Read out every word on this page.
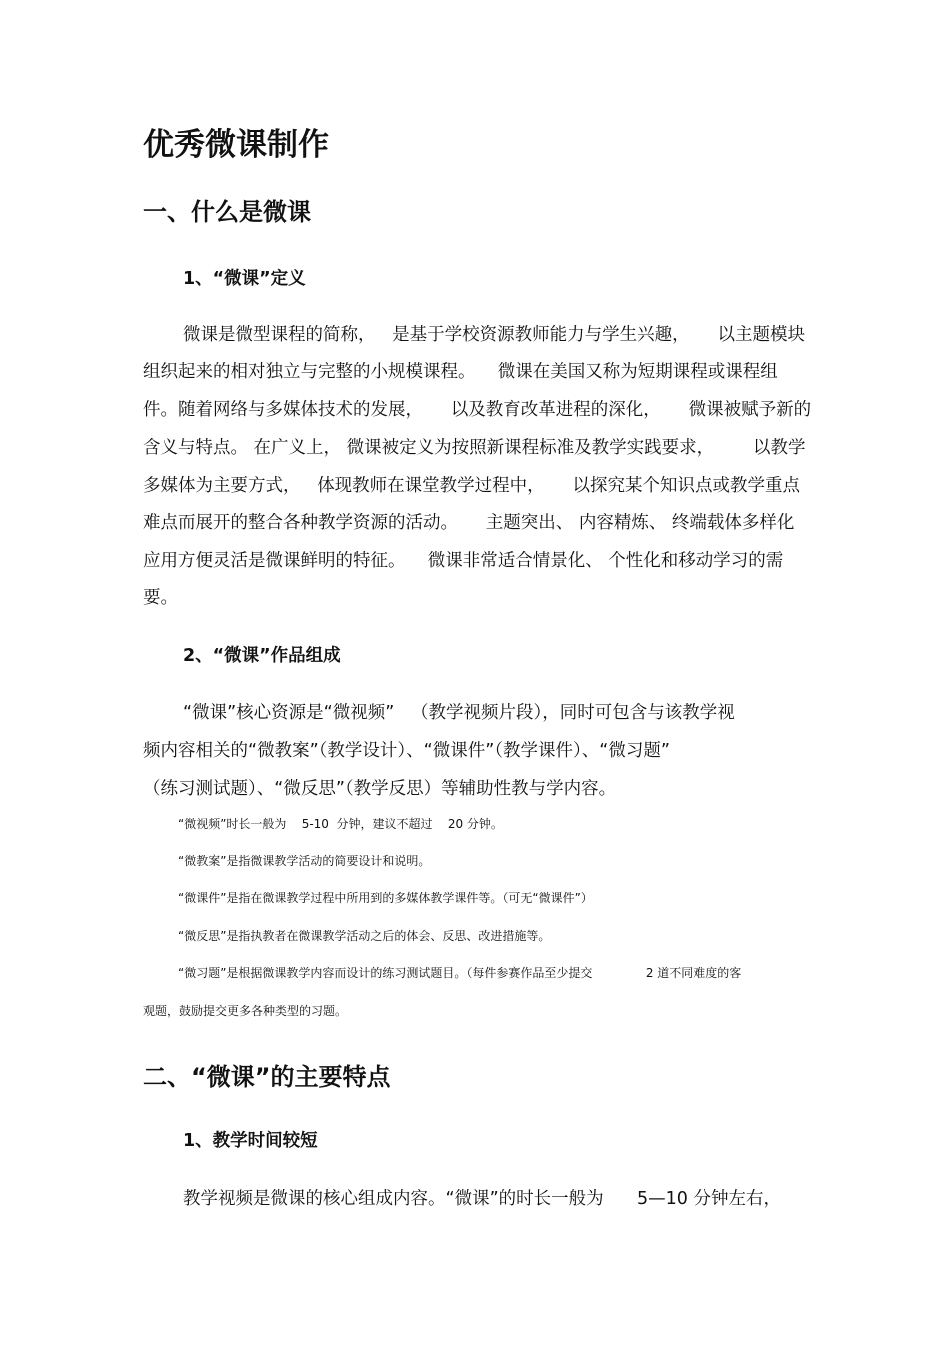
优秀微课制作
一、什么是微课
1、“微课”定义

微课是微型课程的简称，   是基于学校资源教师能力与学生兴趣，     以主题模块

组织起来的相对独立与完整的小规模课程。    微课在美国又称为短期课程或课程组

件。随着网络与多媒体技术的发展，     以及教育改革进程的深化，     微课被赋予新的

含义与特点。 在广义上， 微课被定义为按照新课程标准及教学实践要求，       以教学

多媒体为主要方式，   体现教师在课堂教学过程中，     以探究某个知识点或教学重点

难点而展开的整合各种教学资源的活动。     主题突出、 内容精炼、 终端载体多样化

应用方便灵活是微课鲜明的特征。    微课非常适合情景化、 个性化和移动学习的需

要。

2、“微课”作品组成

“微课”核心资源是“微视频”   （教学视频片段），同时可包含与该教学视

频内容相关的“微教案”（教学设计）、“微课件”（教学课件）、“微习题”

（练习测试题）、“微反思”（教学反思）等辅助性教与学内容。

“微视频”时长一般为    5-10  分钟，建议不超过    20 分钟。

“微教案”是指微课教学活动的简要设计和说明。

“微课件”是指在微课教学过程中所用到的多媒体教学课件等。（可无“微课件”）

“微反思”是指执教者在微课教学活动之后的体会、反思、改进措施等。

“微习题”是根据微课教学内容而设计的练习测试题目。（每件参赛作品至少提交              2 道不同难度的客

观题，鼓励提交更多各种类型的习题。

二、“微课”的主要特点
1、教学时间较短

教学视频是微课的核心组成内容。“微课”的时长一般为      5—10 分钟左右，
